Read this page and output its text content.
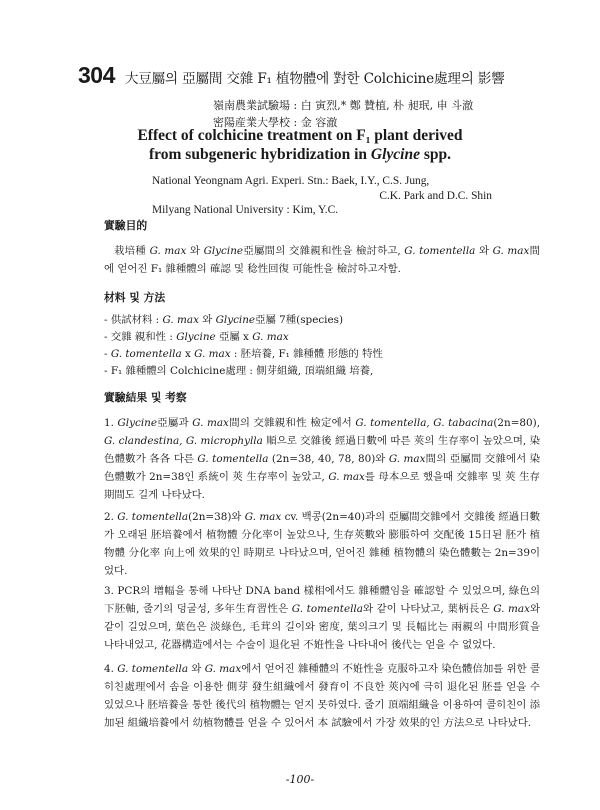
304 大豆屬의 亞屬間 交雜 F₁ 植物體에 對한 Colchicine處理의 影響
嶺南農業試驗場 : 白 寅烈,* 鄭 贊植, 朴 昶珉, 申 斗澈
密陽産業大學校 : 金 容澈
Effect of colchicine treatment on F₁ plant derived
from subgeneric hybridization in Glycine spp.
National Yeongnam Agri. Experi. Stn.: Baek, I.Y., C.S. Jung,
C.K. Park and D.C. Shin
Milyang National University : Kim, Y.C.
實驗目的
栽培種 G. max 와 Glycine亞屬間의 交雜親和性을 檢討하고, G. tomentella 와 G. max間에 얻어진 F₁ 雜種體의 確認 및 稔性回復 可能性을 檢討하고자함.
材料 및 方法
- 供試材料 : G. max 와 Glycine亞屬 7種(species)
- 交雜 親和性 : Glycine 亞屬 x G. max
- G. tomentella x G. max : 胚培養, F₁ 雜種體 形態的 特性
- F₁ 雜種體의 Colchicine處理 : 側芽組織, 頂端組織 培養,
實驗結果 및 考察
1. Glycine亞屬과 G. max間의 交雜親和性 檢定에서 G. tomentella, G. tabacina(2n=80), G. clandestina, G. microphylla 順으로 交雜後 經過日數에 따른 莢의 生存率이 높았으며, 染色體數가 各各 다른 G. tomentella (2n=38, 40, 78, 80)와 G. max間의 亞屬間 交雜에서 染色體數가 2n=38인 系統이 莢 生存率이 높았고, G. max를 母本으로 했을때 交雜率 및 莢 生存期間도 길게 나타났다.
2. G. tomentella(2n=38)와 G. max cv. 백콩(2n=40)과의 亞屬間交雜에서 交雜後 經過日數가 오래된 胚培養에서 植物體 分化率이 높았으나, 生存莢數와 膨脹하여 交配後 15日된 胚가 植物體 分化率 向上에 效果的인 時期로 나타났으며, 얻어진 雜種 植物體의 染色體數는 2n=39이었다.
3. PCR의 增幅을 통해 나타난 DNA band 樣相에서도 雜種體임을 確認할 수 있었으며, 綠色의 下胚軸, 줄기의 덩굴성, 多年生育習性은 G. tomentella와 같이 나타났고, 葉柄長은 G. max와 같이 길었으며, 葉色은 淡綠色, 毛茸의 길이와 密度, 葉의크기 및 長幅比는 兩親의 中間形質을 나타내었고, 花器構造에서는 수술이 退化된 不姙性을 나타내어 後代는 얻을 수 없었다.
4. G. tomentella 와 G. max에서 얻어진 雜種體의 不姙性을 克服하고자 染色體倍加를 위한 콜히친處理에서 솜을 이용한 側芽 發生組織에서 發育이 不良한 莢內에 극히 退化된 胚를 얻을 수 있었으나 胚培養을 통한 後代의 植物體는 얻지 못하였다. 줄기 頂端組織을 이용하여 콜히친이 添加된 組織培養에서 幼植物體를 얻을 수 있어서 本 試驗에서 가장 效果的인 方法으로 나타났다.
-100-
